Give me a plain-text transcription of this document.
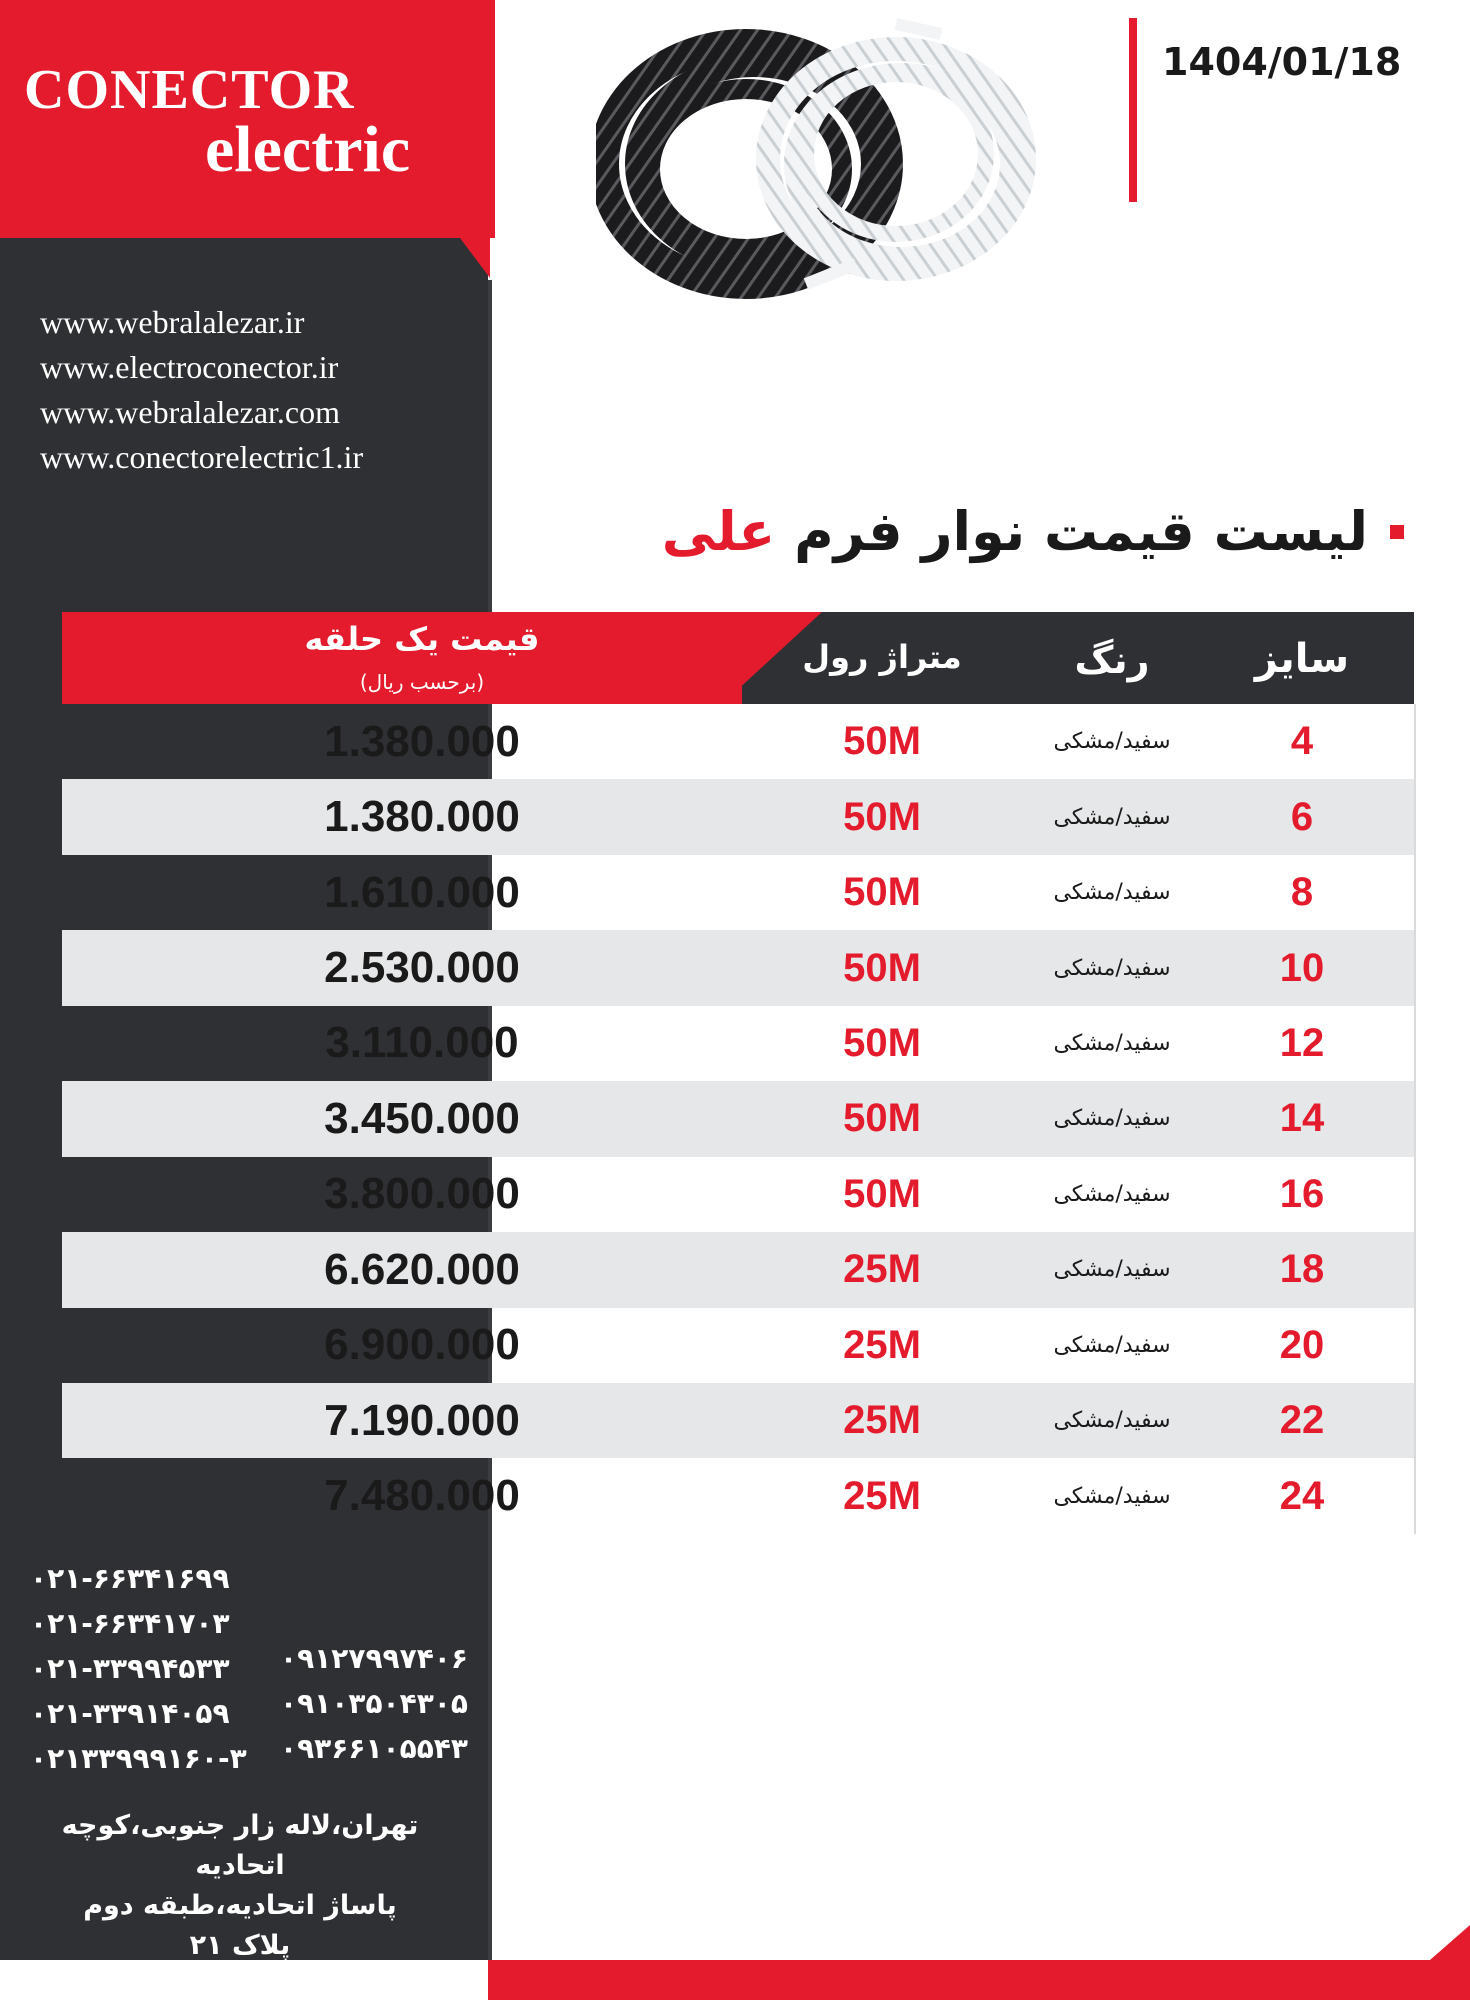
CONECTOR
electric
www.webralalezar.ir
www.electroconector.ir
www.webralalezar.com
www.conectorelectric1.ir
۰۲۱-۶۶۳۴۱۶۹۹
۰۲۱-۶۶۳۴۱۷۰۳
۰۲۱-۳۳۹۹۴۵۳۳
۰۲۱-۳۳۹۱۴۰۵۹
۰۲۱۳۳۹۹۹۱۶۰-۳
۰۹۱۲۷۹۹۷۴۰۶
۰۹۱۰۳۵۰۴۳۰۵
۰۹۳۶۶۱۰۵۵۴۳
تهران،لاله زار جنوبی،کوچه اتحادیه
پاساژ اتحادیه،طبقه دوم
پلاک ۲۱
1404/01/18
لیست قیمت نوار فرم علی
قیمت یک حلقه
(برحسب ریال)
متراژ رول	رنگ	سایز
1.380.000	50M	سفید/مشکی	4
1.380.000	50M	سفید/مشکی	6
1.610.000	50M	سفید/مشکی	8
2.530.000	50M	سفید/مشکی	10
3.110.000	50M	سفید/مشکی	12
3.450.000	50M	سفید/مشکی	14
3.800.000	50M	سفید/مشکی	16
6.620.000	25M	سفید/مشکی	18
6.900.000	25M	سفید/مشکی	20
7.190.000	25M	سفید/مشکی	22
7.480.000	25M	سفید/مشکی	24
